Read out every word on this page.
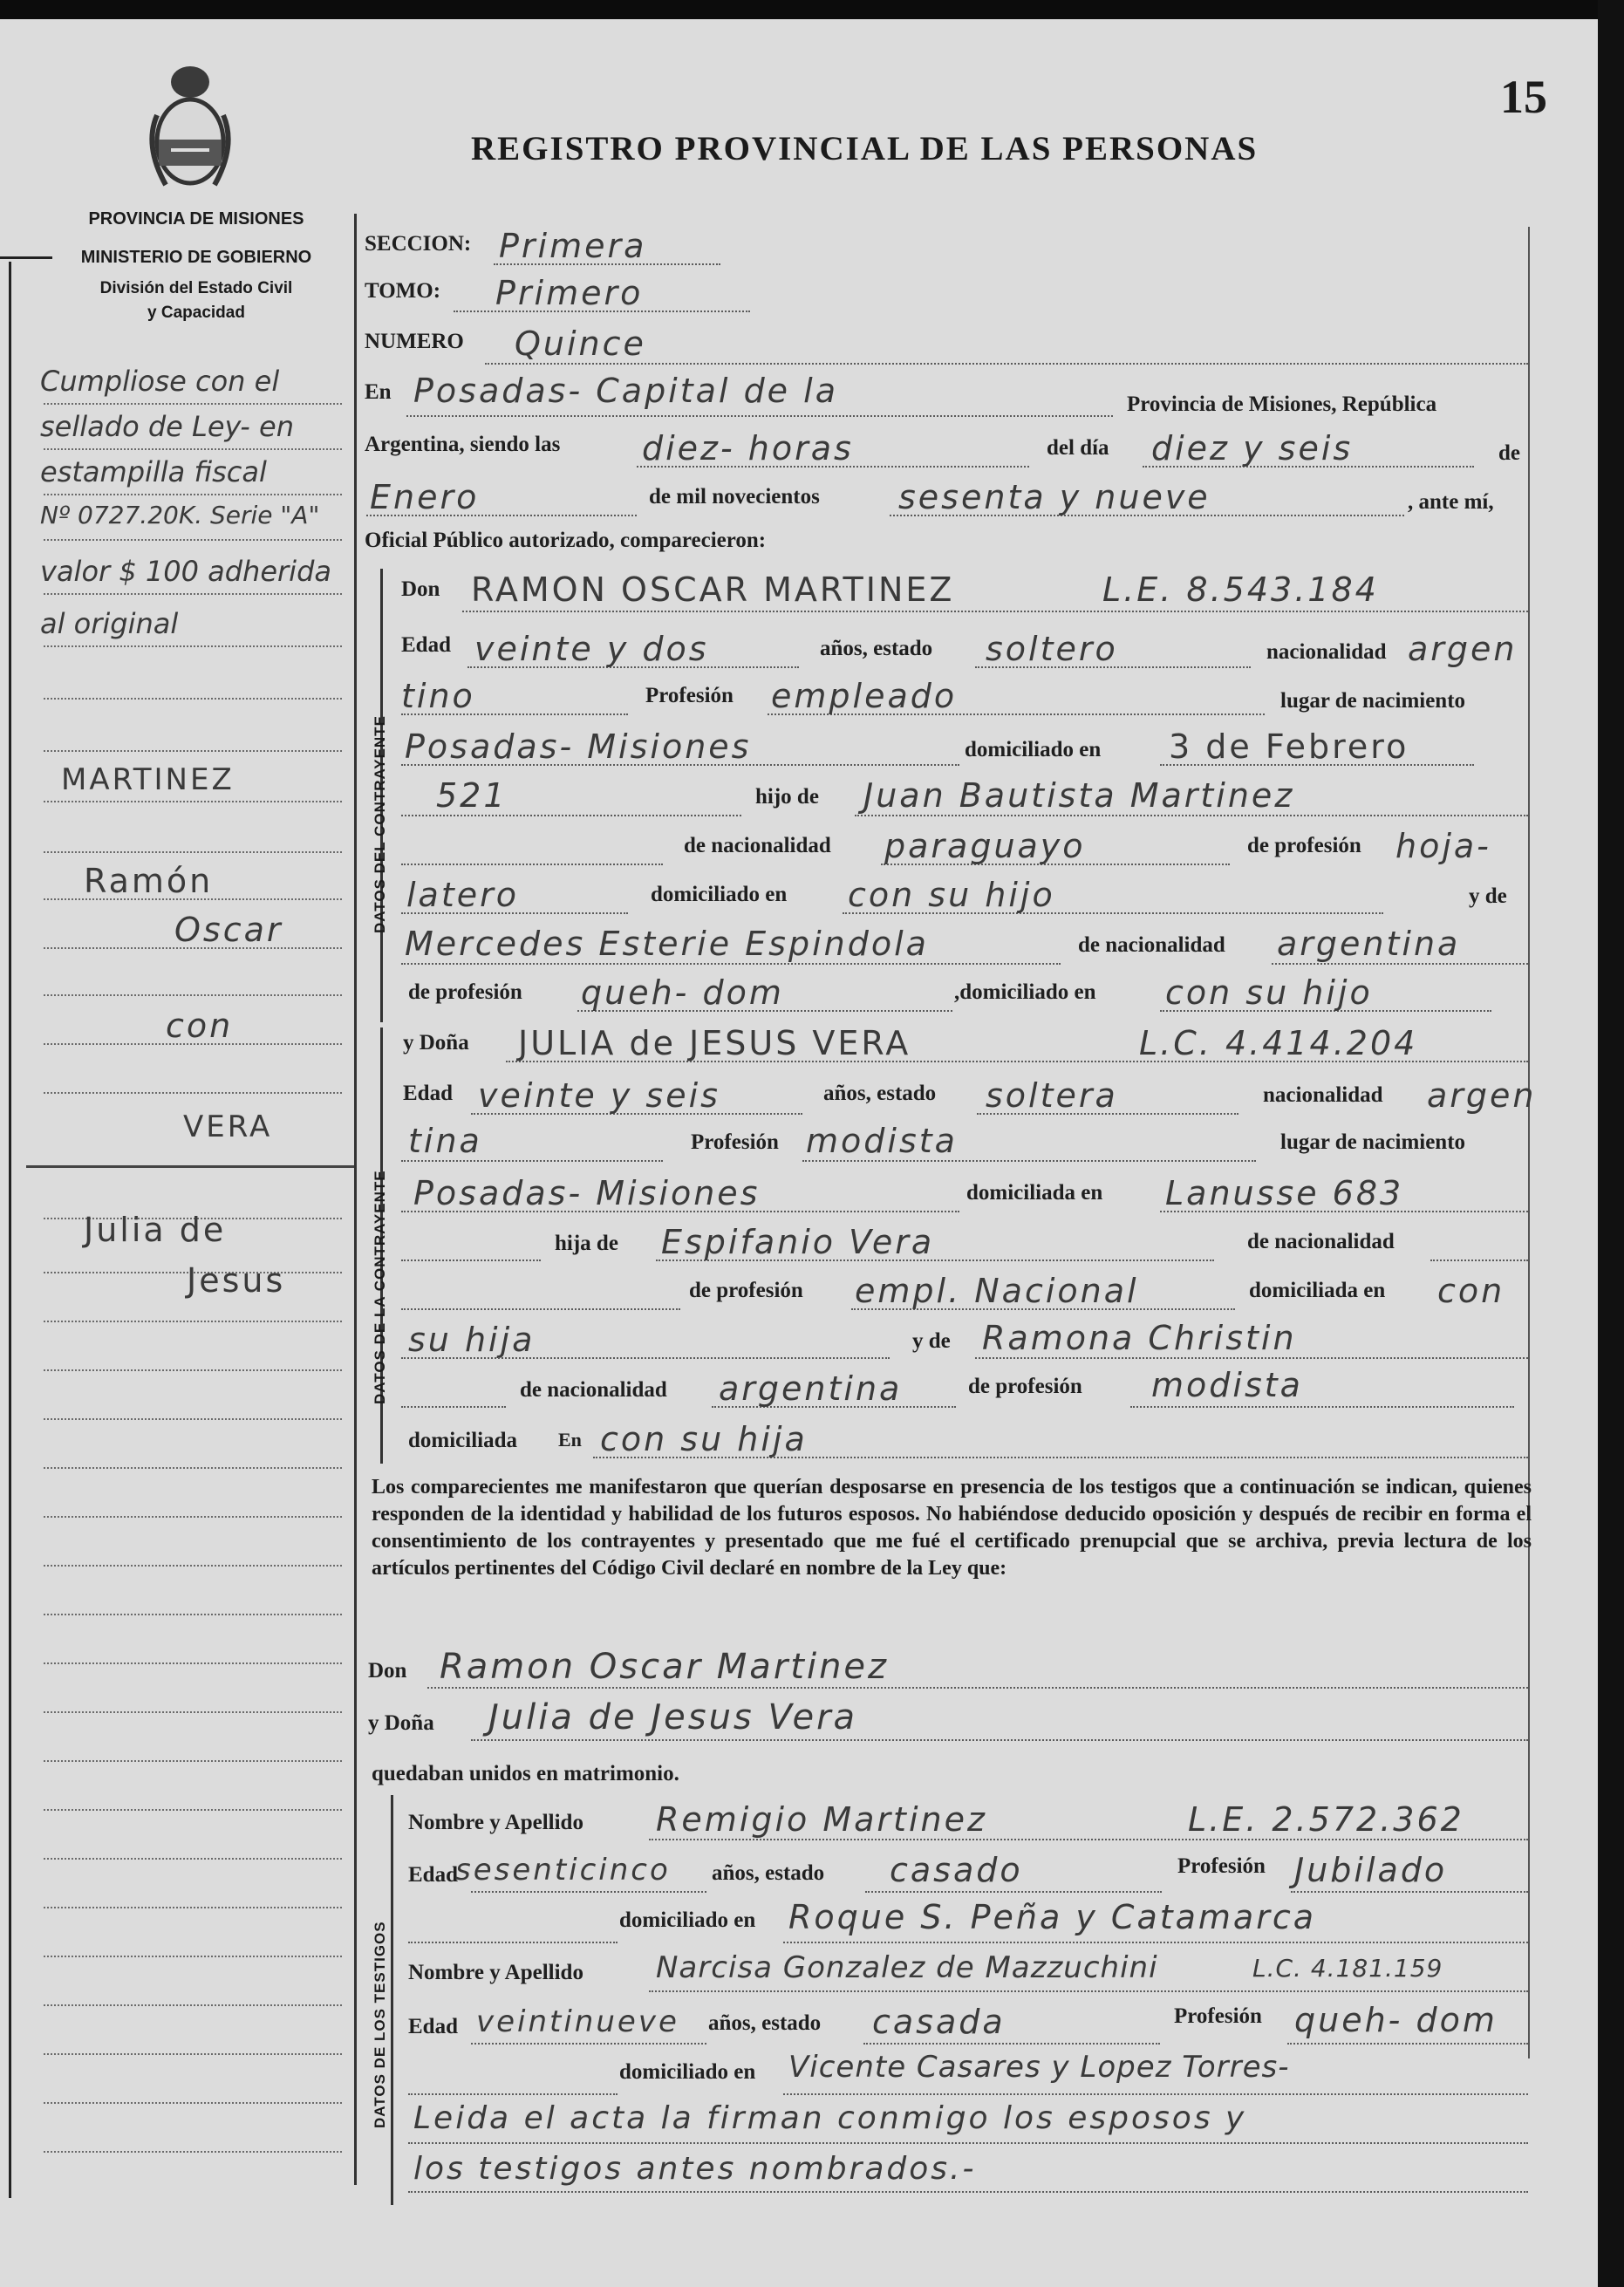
15
REGISTRO PROVINCIAL DE LAS PERSONAS
PROVINCIA DE MISIONES
MINISTERIO DE GOBIERNO
División del Estado Civil
y Capacidad
Cumpliose con el
sellado de Ley- en
estampilla fiscal
Nº 0727.20K. Serie "A"
valor $ 100 adherida
al original
MARTINEZ
Ramón
Oscar
con
VERA
Julia de
Jesus
SECCION: Primera
TOMO: Primero
NUMERO Quince
En Posadas- Capital de la	Provincia de Misiones, República
Argentina, siendo las diez- horas	del día diez y seis	de
Enero	de mil novecientos sesenta y nueve	, ante mí,
Oficial Público autorizado, comparecieron:
DATOS DEL CONTRAYENTE
Don RAMON OSCAR MARTINEZ	L.E. 8.543.184
Edad veinte y dos	años, estado soltero	nacionalidad argen
tino	Profesión empleado	lugar de nacimiento
Posadas- Misiones	domiciliado en 3 de Febrero
521	hijo de Juan Bautista Martinez
de nacionalidad paraguayo	de profesión hoja-
latero	domiciliado en con su hijo	y de
Mercedes Esterie Espindola	de nacionalidad argentina
de profesión queh- dom	,domiciliado en con su hijo
DATOS DE LA CONTRAYENTE
y Doña JULIA de JESUS VERA	L.C. 4.414.204
Edad veinte y seis	años, estado soltera	nacionalidad argen
tina	Profesión modista	lugar de nacimiento
Posadas- Misiones	domiciliada en Lanusse 683
hija de Espifanio Vera	de nacionalidad
de profesión empl. Nacional	domiciliada en con
su hija	y de Ramona Christin
de nacionalidad argentina	de profesión modista
domiciliada En con su hija
Los comparecientes me manifestaron que querían desposarse en presencia de los testigos que a continuación se indican, quienes responden de la identidad y habilidad de los futuros esposos. No habiéndose deducido oposición y después de recibir en forma el consentimiento de los contrayentes y presentado que me fué el certificado prenupcial que se archiva, previa lectura de los artículos pertinentes del Código Civil declaré en nombre de la Ley que:
Don Ramon Oscar Martinez
y Doña Julia de Jesus Vera
quedaban unidos en matrimonio.
DATOS DE LOS TESTIGOS
Nombre y Apellido Remigio Martinez	L.E. 2.572.362
Edad
sesenticinco años, estado casado	Profesión Jubilado
domiciliado en Roque S. Peña y Catamarca
Nombre y Apellido Narcisa Gonzalez de Mazzuchini	L.C. 4.181.159
Edad veintinueve años, estado casada	Profesión queh- dom
domiciliado en Vicente Casares y Lopez Torres-
Leida el acta la firman conmigo los esposos y
los testigos antes nombrados.-
